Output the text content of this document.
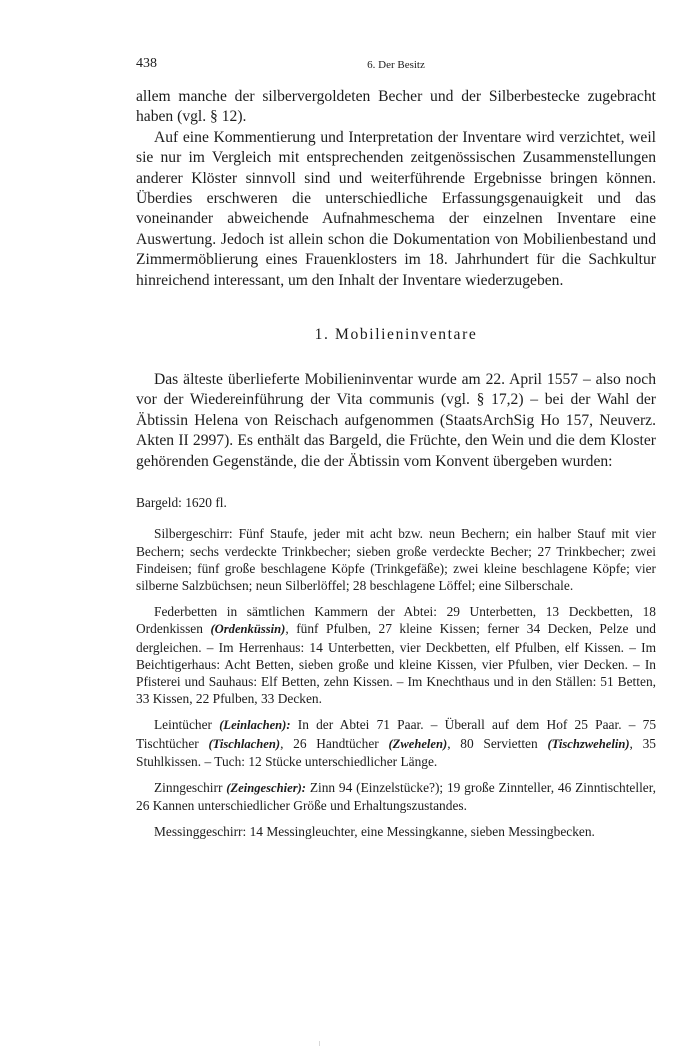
438	6. Der Besitz

allem manche der silbervergoldeten Becher und der Silberbestecke zugebracht haben (vgl. § 12).

Auf eine Kommentierung und Interpretation der Inventare wird verzichtet, weil sie nur im Vergleich mit entsprechenden zeitgenössischen Zusammenstellungen anderer Klöster sinnvoll sind und weiterführende Ergebnisse bringen können. Überdies erschweren die unterschiedliche Erfassungsgenauigkeit und das voneinander abweichende Aufnahmeschema der einzelnen Inventare eine Auswertung. Jedoch ist allein schon die Dokumentation von Mobilienbestand und Zimmermöblierung eines Frauenklosters im 18. Jahrhundert für die Sachkultur hinreichend interessant, um den Inhalt der Inventare wiederzugeben.

1. Mobilieninventare

Das älteste überlieferte Mobilieninventar wurde am 22. April 1557 – also noch vor der Wiedereinführung der Vita communis (vgl. § 17,2) – bei der Wahl der Äbtissin Helena von Reischach aufgenommen (StaatsArchSig Ho 157, Neuverz. Akten II 2997). Es enthält das Bargeld, die Früchte, den Wein und die dem Kloster gehörenden Gegenstände, die der Äbtissin vom Konvent übergeben wurden:

Bargeld: 1620 fl.

Silbergeschirr: Fünf Staufe, jeder mit acht bzw. neun Bechern; ein halber Stauf mit vier Bechern; sechs verdeckte Trinkbecher; sieben große verdeckte Becher; 27 Trinkbecher; zwei Findeisen; fünf große beschlagene Köpfe (Trinkgefäße); zwei kleine beschlagene Köpfe; vier silberne Salzbüchsen; neun Silberlöffel; 28 beschlagene Löffel; eine Silberschale.

Federbetten in sämtlichen Kammern der Abtei: 29 Unterbetten, 13 Deckbetten, 18 Ordenkissen (Ordenküssin), fünf Pfulben, 27 kleine Kissen; ferner 34 Decken, Pelze und dergleichen. – Im Herrenhaus: 14 Unterbetten, vier Deckbetten, elf Pfulben, elf Kissen. – Im Beichtigerhaus: Acht Betten, sieben große und kleine Kissen, vier Pfulben, vier Decken. – In Pfisterei und Sauhaus: Elf Betten, zehn Kissen. – Im Knechthaus und in den Ställen: 51 Betten, 33 Kissen, 22 Pfulben, 33 Decken.

Leintücher (Leinlachen): In der Abtei 71 Paar. – Überall auf dem Hof 25 Paar. – 75 Tischtücher (Tischlachen), 26 Handtücher (Zwehelen), 80 Servietten (Tischzwehelin), 35 Stuhlkissen. – Tuch: 12 Stücke unterschiedlicher Länge.

Zinngeschirr (Zeingeschier): Zinn 94 (Einzelstücke?); 19 große Zinnteller, 46 Zinntischteller, 26 Kannen unterschiedlicher Größe und Erhaltungszustandes.

Messinggeschirr: 14 Messingleuchter, eine Messingkanne, sieben Messingbecken.
